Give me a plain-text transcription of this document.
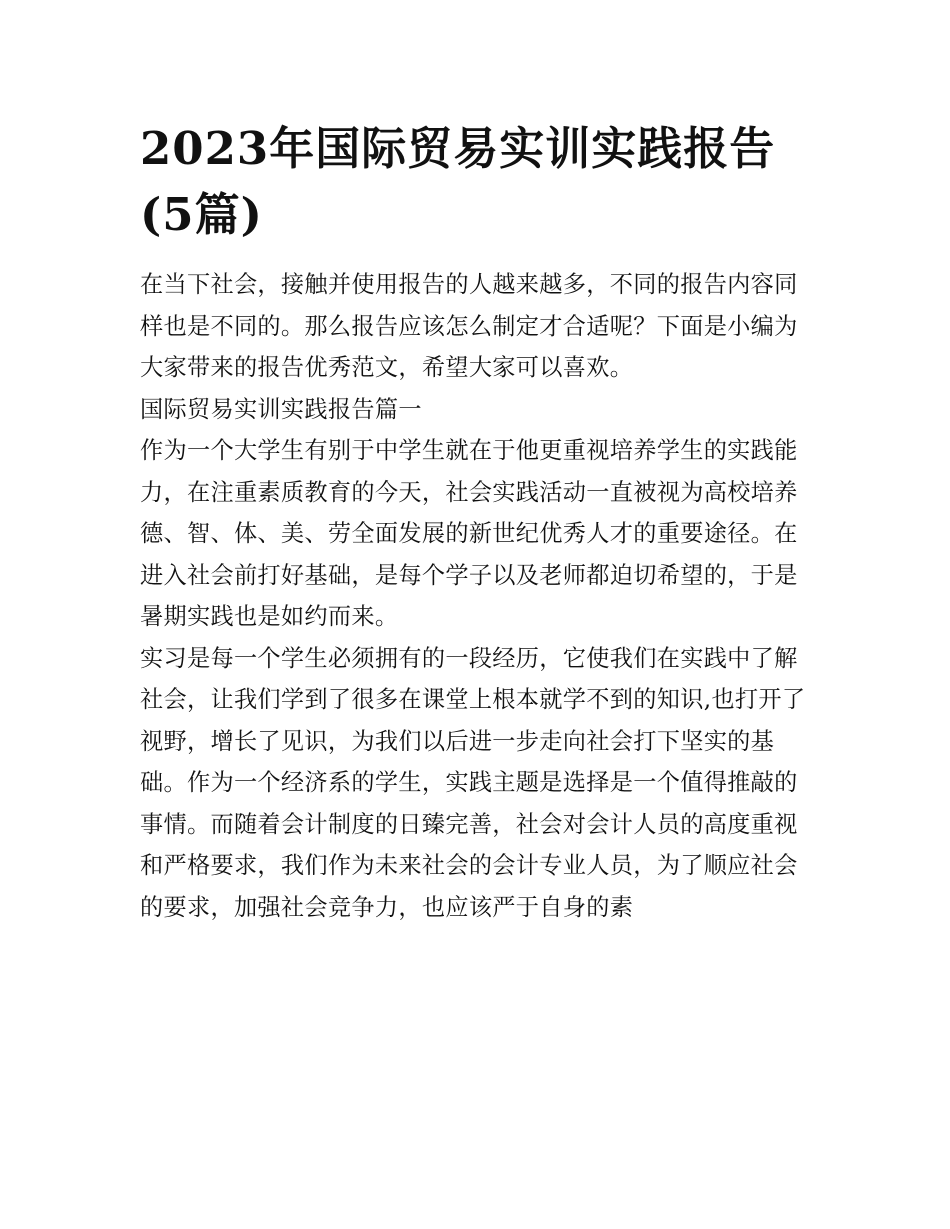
2023年国际贸易实训实践报告
(5篇)

在当下社会，接触并使用报告的人越来越多，不同的报告内容同样也是不同的。那么报告应该怎么制定才合适呢？下面是小编为大家带来的报告优秀范文，希望大家可以喜欢。

国际贸易实训实践报告篇一

作为一个大学生有别于中学生就在于他更重视培养学生的实践能力，在注重素质教育的今天，社会实践活动一直被视为高校培养德、智、体、美、劳全面发展的新世纪优秀人才的重要途径。在进入社会前打好基础，是每个学子以及老师都迫切希望的，于是暑期实践也是如约而来。

实习是每一个学生必须拥有的一段经历，它使我们在实践中了解社会，让我们学到了很多在课堂上根本就学不到的知识,也打开了视野，增长了见识，为我们以后进一步走向社会打下坚实的基础。作为一个经济系的学生，实践主题是选择是一个值得推敲的事情。而随着会计制度的日臻完善，社会对会计人员的高度重视和严格要求，我们作为未来社会的会计专业人员，为了顺应社会的要求，加强社会竞争力，也应该严于自身的素
